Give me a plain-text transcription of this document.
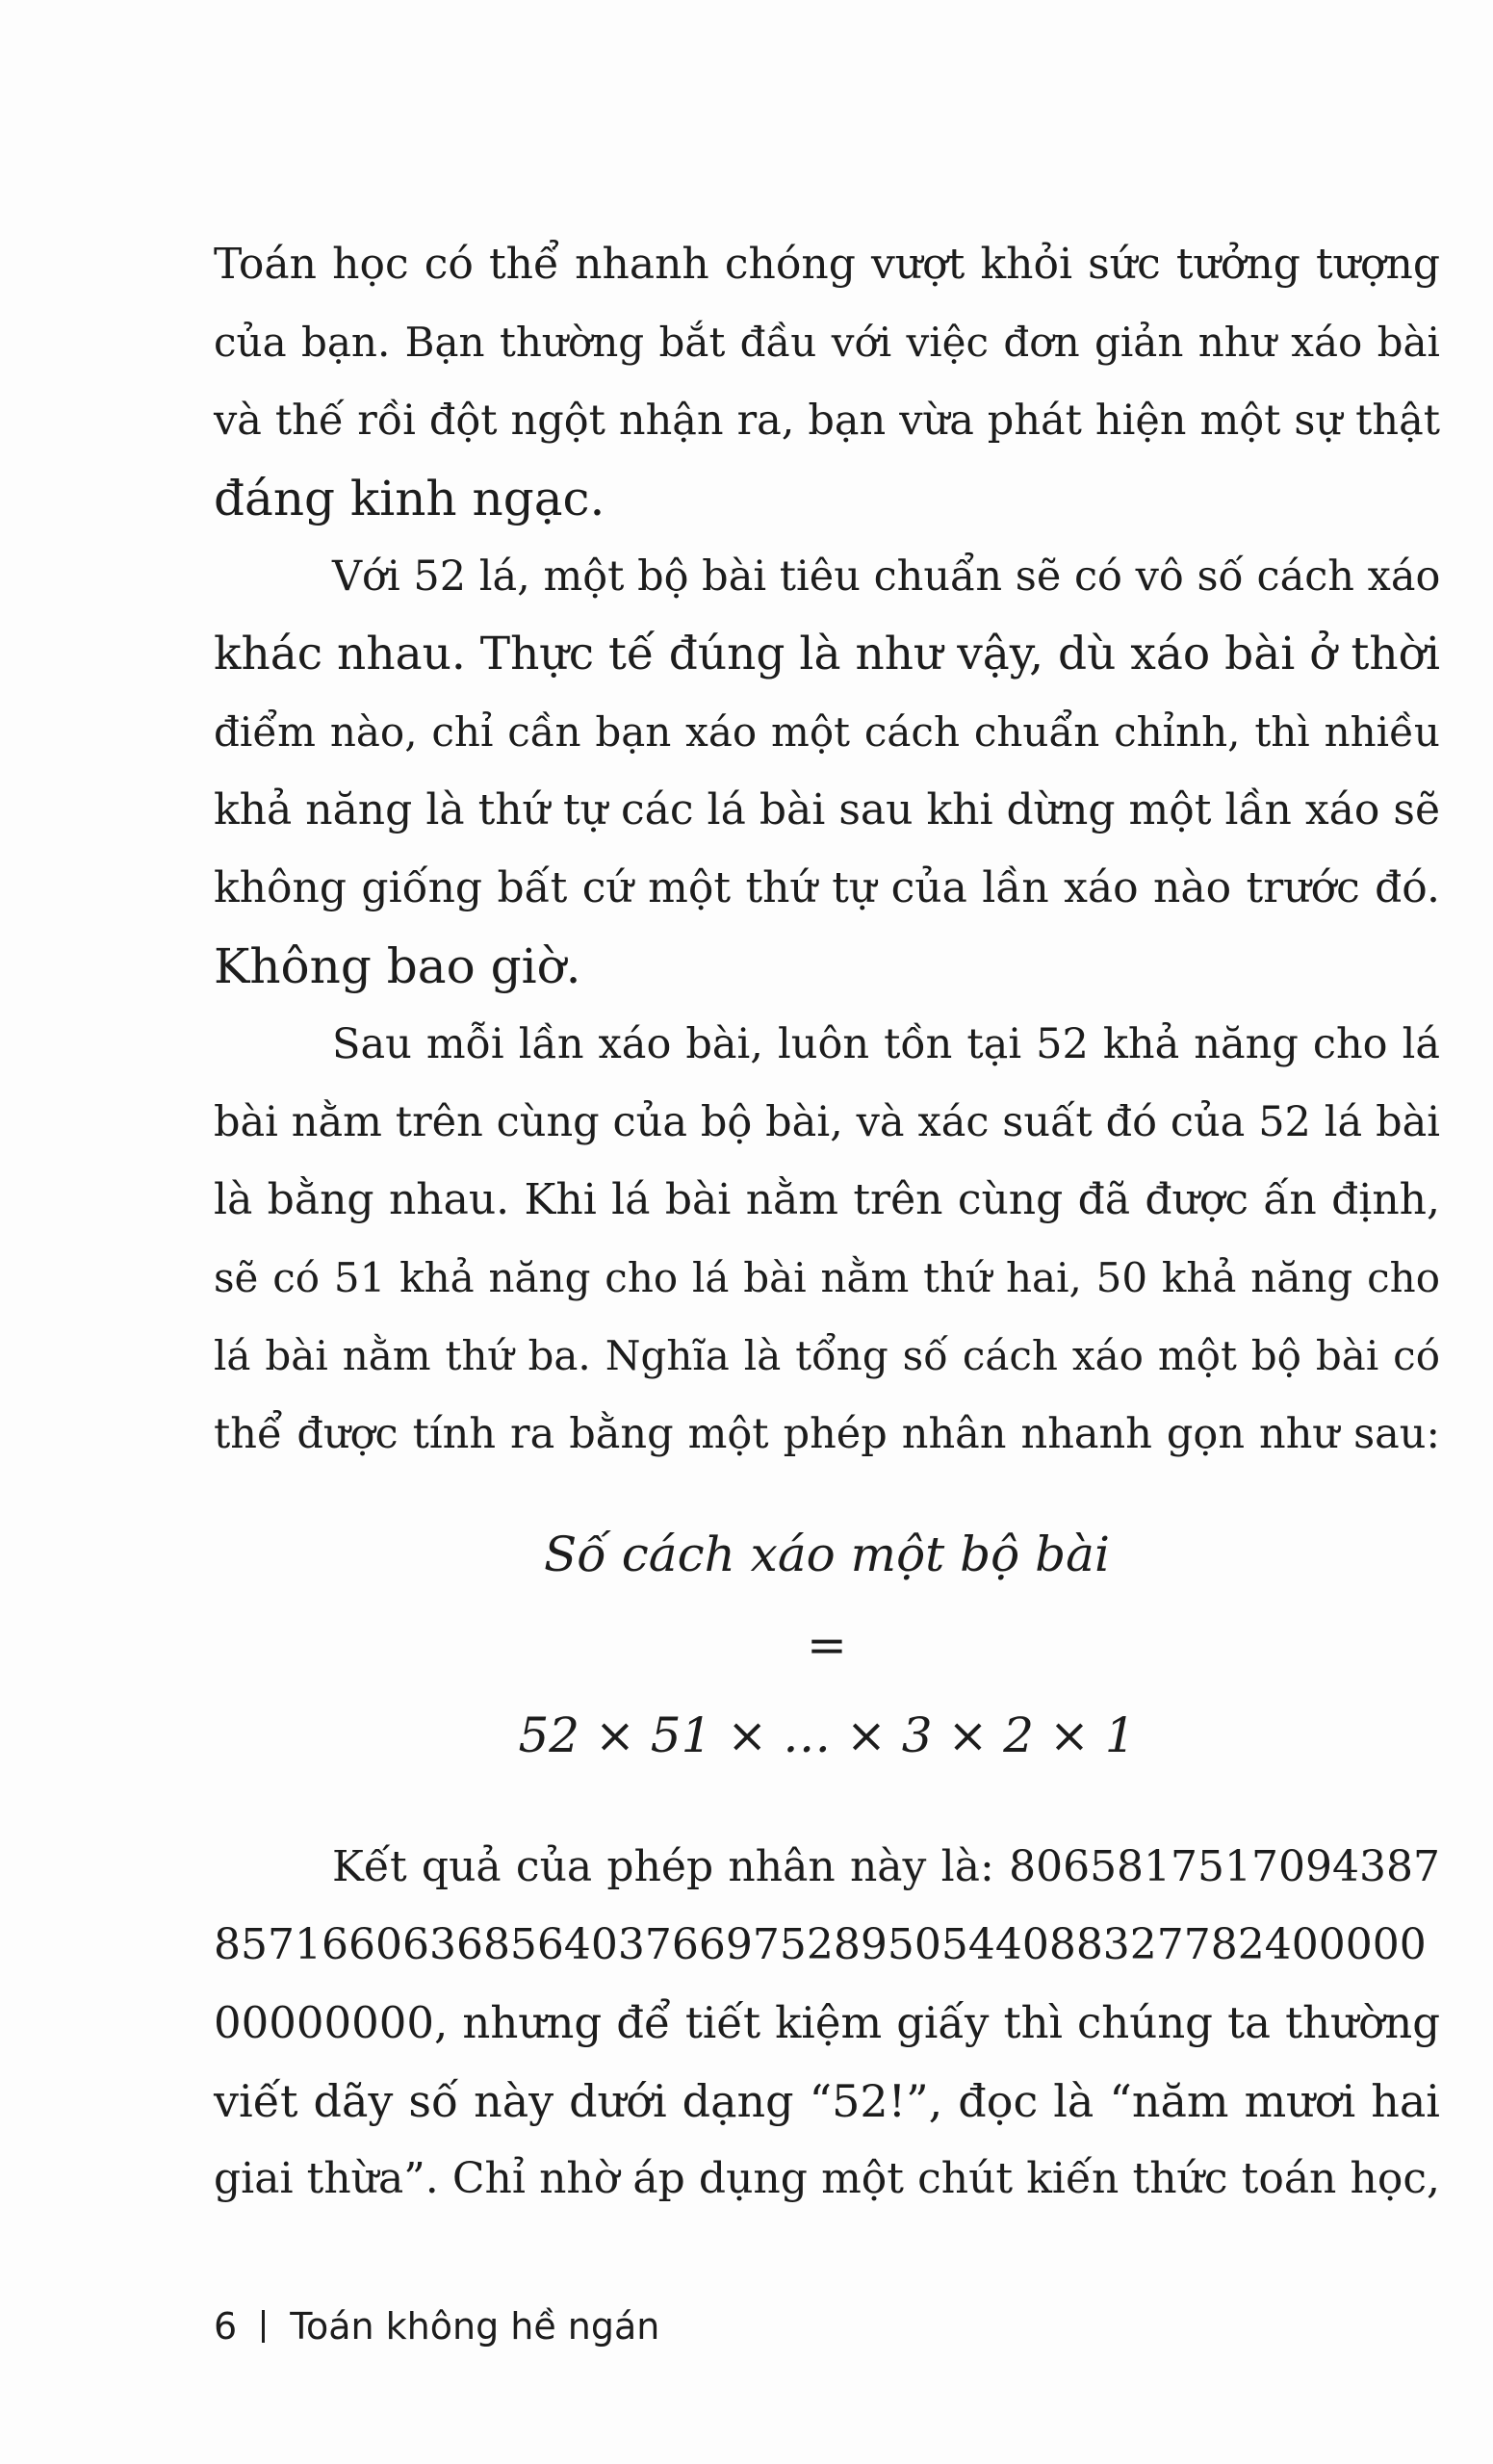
Toán học có thể nhanh chóng vượt khỏi sức tưởng tượng
của bạn. Bạn thường bắt đầu với việc đơn giản như xáo bài
và thế rồi đột ngột nhận ra, bạn vừa phát hiện một sự thật
đáng kinh ngạc.
Với 52 lá, một bộ bài tiêu chuẩn sẽ có vô số cách xáo
khác nhau. Thực tế đúng là như vậy, dù xáo bài ở thời
điểm nào, chỉ cần bạn xáo một cách chuẩn chỉnh, thì nhiều
khả năng là thứ tự các lá bài sau khi dừng một lần xáo sẽ
không giống bất cứ một thứ tự của lần xáo nào trước đó.
Không bao giờ.
Sau mỗi lần xáo bài, luôn tồn tại 52 khả năng cho lá
bài nằm trên cùng của bộ bài, và xác suất đó của 52 lá bài
là bằng nhau. Khi lá bài nằm trên cùng đã được ấn định,
sẽ có 51 khả năng cho lá bài nằm thứ hai, 50 khả năng cho
lá bài nằm thứ ba. Nghĩa là tổng số cách xáo một bộ bài có
thể được tính ra bằng một phép nhân nhanh gọn như sau:
Số cách xáo một bộ bài
=
52 × 51 × … × 3 × 2 × 1
Kết quả của phép nhân này là: 8065817517094387
857166063685640376697528950544088327782400000
00000000, nhưng để tiết kiệm giấy thì chúng ta thường
viết dãy số này dưới dạng “52!”, đọc là “năm mươi hai
giai thừa”. Chỉ nhờ áp dụng một chút kiến thức toán học,
6 Toán không hề ngán
